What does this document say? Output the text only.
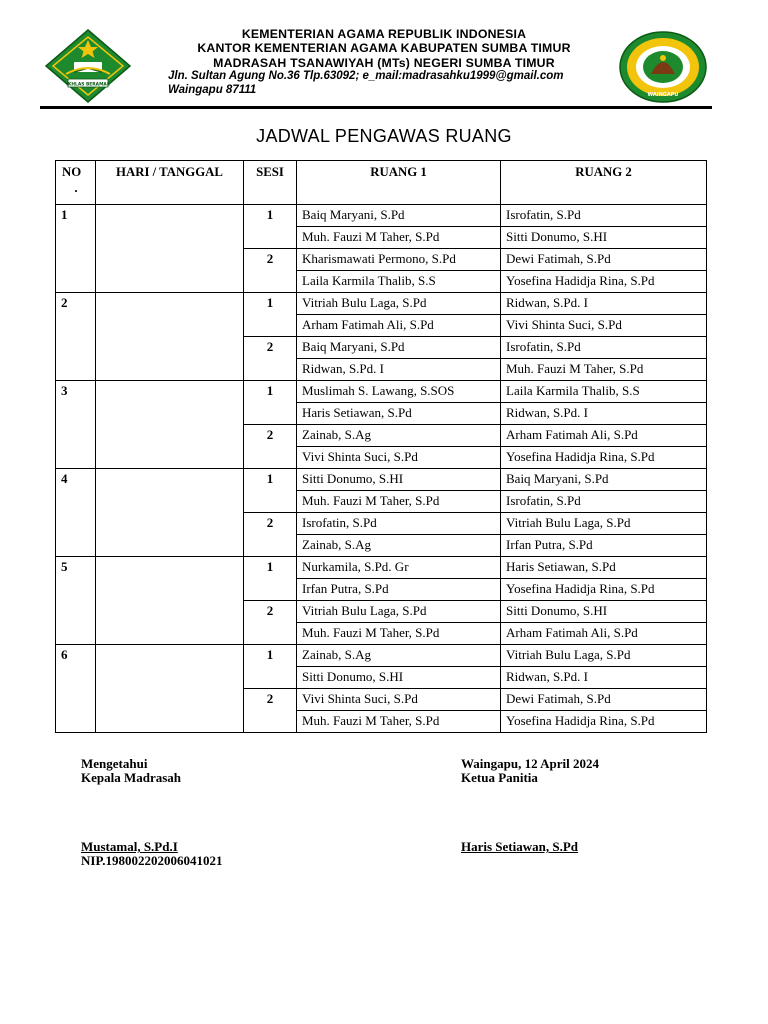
IKHLAS BERAMAL
KEMENTERIAN AGAMA REPUBLIK INDONESIA
KANTOR KEMENTERIAN AGAMA KABUPATEN SUMBA TIMUR
MADRASAH TSANAWIYAH (MTs) NEGERI SUMBA TIMUR
Jln. Sultan Agung No.36 Tlp.63092; e_mail:madrasahku1999@gmail.com
Waingapu 87111	WAINGAPU
JADWAL PENGAWAS RUANG
NO
.	HARI / TANGGAL	SESI	RUANG 1	RUANG 2
1		1	Baiq Maryani, S.Pd	Isrofatin, S.Pd
			Muh. Fauzi M Taher, S.Pd	Sitti Donumo, S.HI
		2	Kharismawati Permono, S.Pd	Dewi Fatimah, S.Pd
			Laila Karmila Thalib, S.S	Yosefina Hadidja Rina, S.Pd
2		1	Vitriah Bulu Laga, S.Pd	Ridwan, S.Pd. I
			Arham Fatimah Ali, S.Pd	Vivi Shinta Suci, S.Pd
		2	Baiq Maryani, S.Pd	Isrofatin, S.Pd
			Ridwan, S.Pd. I	Muh. Fauzi M Taher, S.Pd
3		1	Muslimah S. Lawang, S.SOS	Laila Karmila Thalib, S.S
			Haris Setiawan, S.Pd	Ridwan, S.Pd. I
		2	Zainab, S.Ag	Arham Fatimah Ali, S.Pd
			Vivi Shinta Suci, S.Pd	Yosefina Hadidja Rina, S.Pd
4		1	Sitti Donumo, S.HI	Baiq Maryani, S.Pd
			Muh. Fauzi M Taher, S.Pd	Isrofatin, S.Pd
		2	Isrofatin, S.Pd	Vitriah Bulu Laga, S.Pd
			Zainab, S.Ag	Irfan Putra, S.Pd
5		1	Nurkamila, S.Pd. Gr	Haris Setiawan, S.Pd
			Irfan Putra, S.Pd	Yosefina Hadidja Rina, S.Pd
		2	Vitriah Bulu Laga, S.Pd	Sitti Donumo, S.HI
			Muh. Fauzi M Taher, S.Pd	Arham Fatimah Ali, S.Pd
6		1	Zainab, S.Ag	Vitriah Bulu Laga, S.Pd
			Sitti Donumo, S.HI	Ridwan, S.Pd. I
		2	Vivi Shinta Suci, S.Pd	Dewi Fatimah, S.Pd
			Muh. Fauzi M Taher, S.Pd	Yosefina Hadidja Rina, S.Pd
Mengetahui
Kepala Madrasah
Mustamal, S.Pd.I
NIP.198002202006041021
Waingapu, 12 April 2024
Ketua Panitia
Haris Setiawan, S.Pd
